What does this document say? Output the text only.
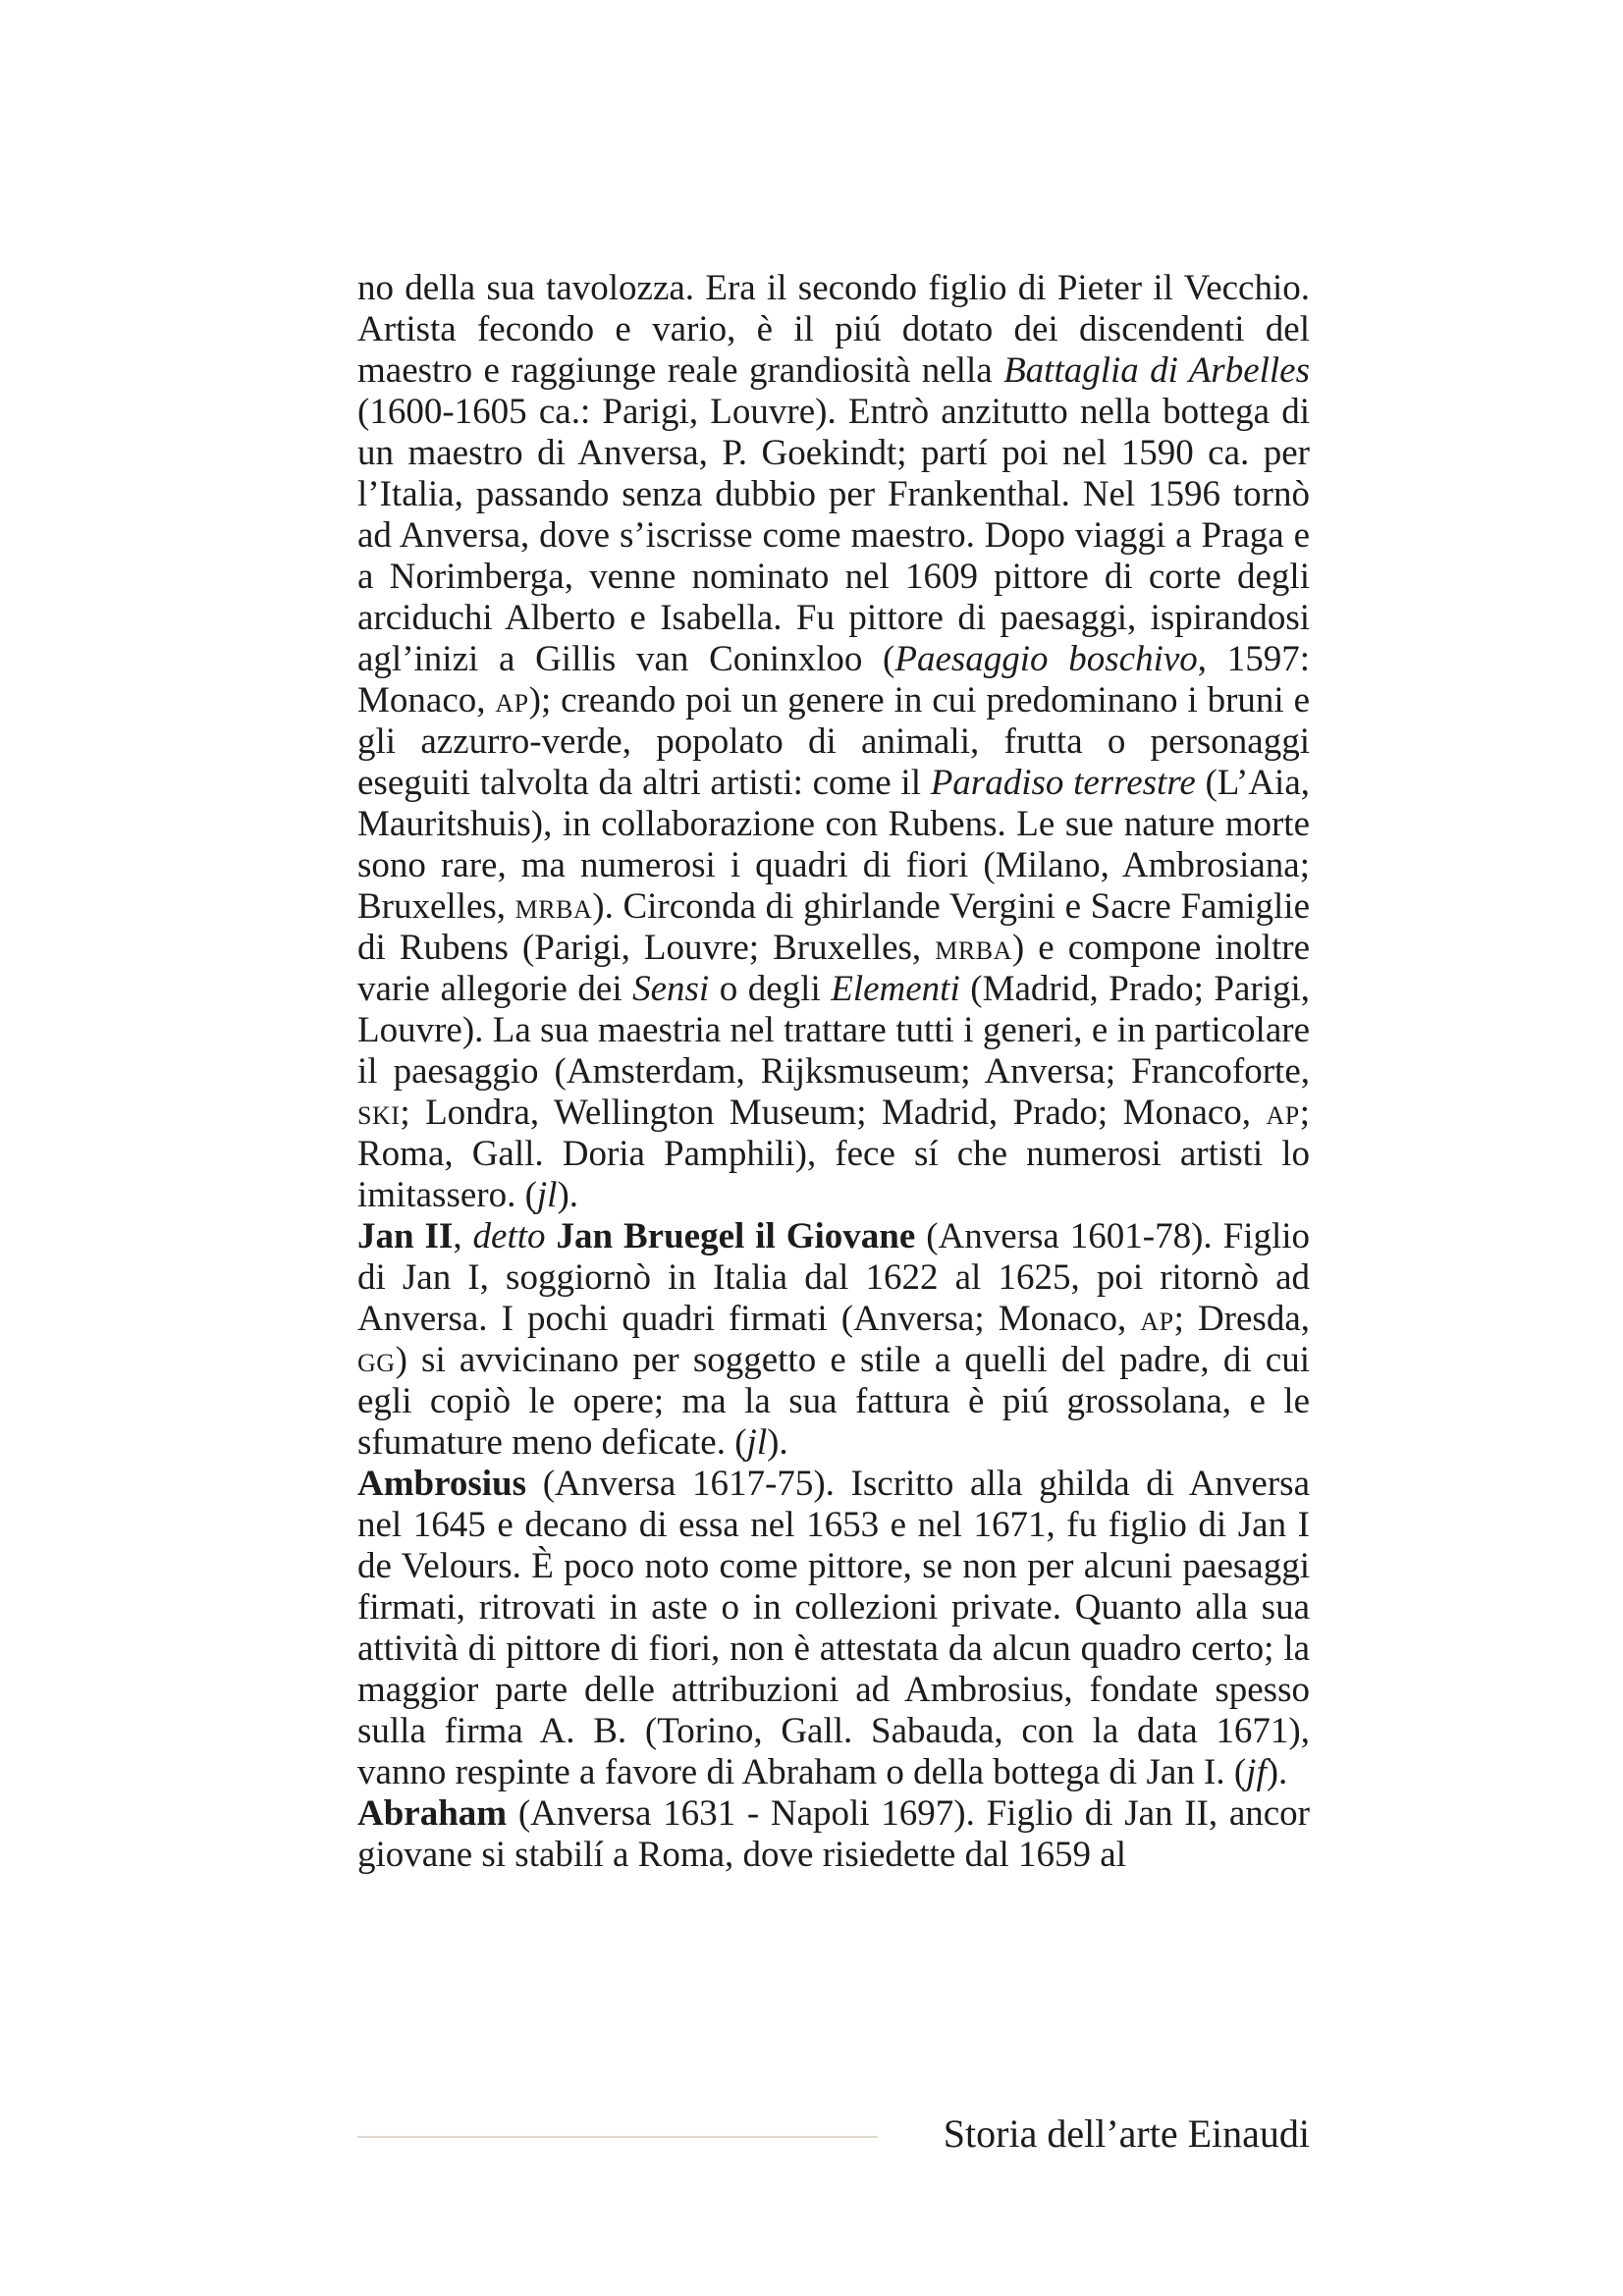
no della sua tavolozza. Era il secondo figlio di Pieter il Vecchio. Artista fecondo e vario, è il piú dotato dei discendenti del maestro e raggiunge reale grandiosità nella Battaglia di Arbelles (1600-1605 ca.: Parigi, Louvre). Entrò anzitutto nella bottega di un maestro di Anversa, P. Goekindt; partí poi nel 1590 ca. per l’Italia, passando senza dubbio per Frankenthal. Nel 1596 tornò ad Anversa, dove s’iscrisse come maestro. Dopo viaggi a Praga e a Norimberga, venne nominato nel 1609 pittore di corte degli arciduchi Alberto e Isabella. Fu pittore di paesaggi, ispirandosi agl’inizi a Gillis van Coninxloo (Paesaggio boschivo, 1597: Monaco, ap); creando poi un genere in cui predominano i bruni e gli azzurro-verde, popolato di animali, frutta o personaggi eseguiti talvolta da altri artisti: come il Paradiso terrestre (L’Aia, Mauritshuis), in collaborazione con Rubens. Le sue nature morte sono rare, ma numerosi i quadri di fiori (Milano, Ambrosiana; Bruxelles, mrba). Circonda di ghirlande Vergini e Sacre Famiglie di Rubens (Parigi, Louvre; Bruxelles, mrba) e compone inoltre varie allegorie dei Sensi o degli Elementi (Madrid, Prado; Parigi, Louvre). La sua maestria nel trattare tutti i generi, e in particolare il paesaggio (Amsterdam, Rijksmuseum; Anversa; Francoforte, ski; Londra, Wellington Museum; Madrid, Prado; Monaco, ap; Roma, Gall. Doria Pamphili), fece sí che numerosi artisti lo imitassero. (jl).

Jan II, detto Jan Bruegel il Giovane (Anversa 1601-78). Figlio di Jan I, soggiornò in Italia dal 1622 al 1625, poi ritornò ad Anversa. I pochi quadri firmati (Anversa; Monaco, ap; Dresda, gg) si avvicinano per soggetto e stile a quelli del padre, di cui egli copiò le opere; ma la sua fattura è piú grossolana, e le sfumature meno deficate. (jl).

Ambrosius (Anversa 1617-75). Iscritto alla ghilda di Anversa nel 1645 e decano di essa nel 1653 e nel 1671, fu figlio di Jan I de Velours. È poco noto come pittore, se non per alcuni paesaggi firmati, ritrovati in aste o in collezioni private. Quanto alla sua attività di pittore di fiori, non è attestata da alcun quadro certo; la maggior parte delle attribuzioni ad Ambrosius, fondate spesso sulla firma A. B. (Torino, Gall. Sabauda, con la data 1671), vanno respinte a favore di Abraham o della bottega di Jan I. (jf).

Abraham (Anversa 1631 - Napoli 1697). Figlio di Jan II, ancor giovane si stabilí a Roma, dove risiedette dal 1659 al

Storia dell’arte Einaudi
